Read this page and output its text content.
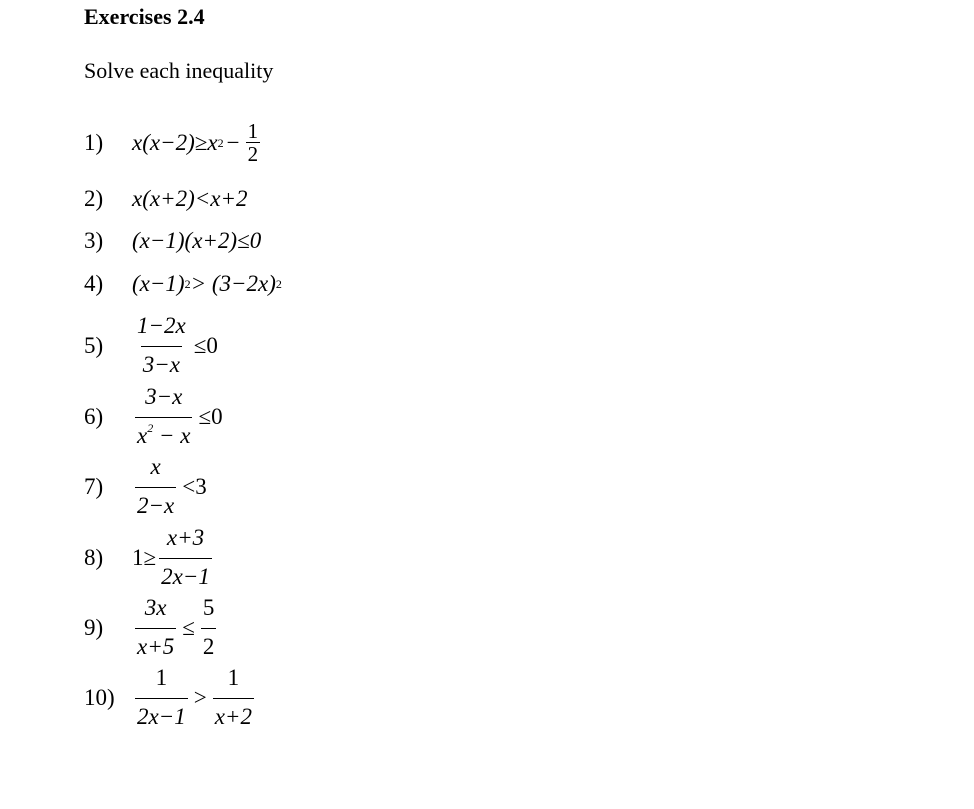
Exercises 2.4
Solve each inequality
1)	x(x−2)≥x $2 - \frac{1}{2}$
2)	x(x+2)<x+2
3)	(x−1)(x+2)≤0
4)	(x−1) 2 > (3−2x) 2
5)	$\frac{1-2x}{3-x} \le 0$
6)	$\frac{3-x}{x^2 - x} \le 0$
7)	$\frac{x}{2-x} <3$
8)	$1\ge \frac{x+3}{2x-1}$
9)	$\frac{3x}{x+5} \le \frac{5}{2}$
$10) \frac{1}{2x-1} > \frac{1}{x+2}$
